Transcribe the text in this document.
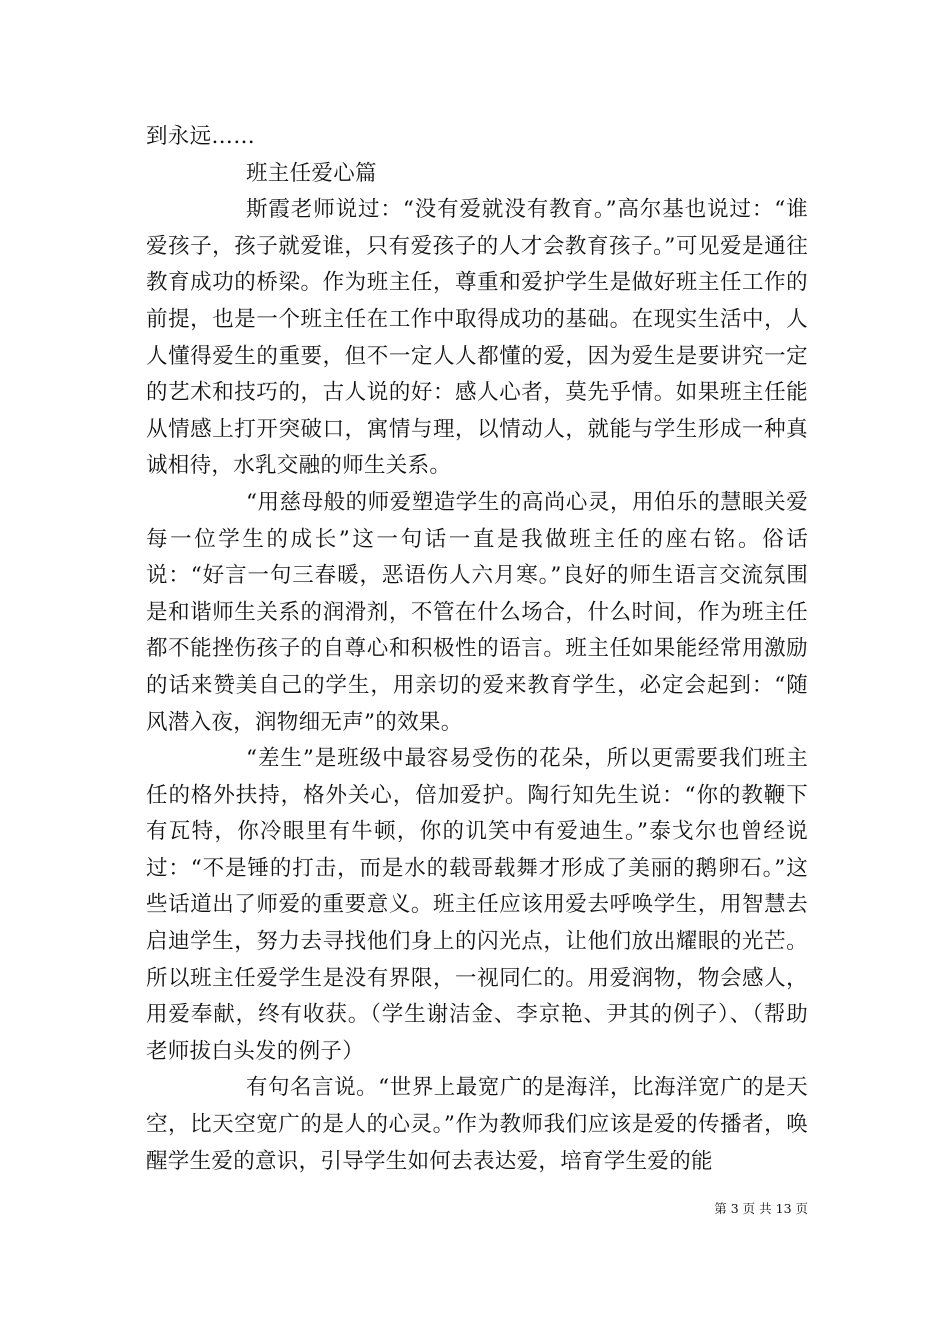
到永远……

班主任爱心篇

斯霞老师说过：“没有爱就没有教育。”高尔基也说过：“谁爱孩子，孩子就爱谁，只有爱孩子的人才会教育孩子。”可见爱是通往教育成功的桥梁。作为班主任，尊重和爱护学生是做好班主任工作的前提，也是一个班主任在工作中取得成功的基础。在现实生活中，人人懂得爱生的重要，但不一定人人都懂的爱，因为爱生是要讲究一定的艺术和技巧的，古人说的好：感人心者，莫先乎情。如果班主任能从情感上打开突破口，寓情与理，以情动人，就能与学生形成一种真诚相待，水乳交融的师生关系。

“用慈母般的师爱塑造学生的高尚心灵，用伯乐的慧眼关爱每一位学生的成长”这一句话一直是我做班主任的座右铭。俗话说：“好言一句三春暖，恶语伤人六月寒。”良好的师生语言交流氛围是和谐师生关系的润滑剂，不管在什么场合，什么时间，作为班主任都不能挫伤孩子的自尊心和积极性的语言。班主任如果能经常用激励的话来赞美自己的学生，用亲切的爱来教育学生，必定会起到：“随风潜入夜，润物细无声”的效果。

“差生”是班级中最容易受伤的花朵，所以更需要我们班主任的格外扶持，格外关心，倍加爱护。陶行知先生说：“你的教鞭下有瓦特，你冷眼里有牛顿，你的讥笑中有爱迪生。”泰戈尔也曾经说过：“不是锤的打击，而是水的载哥载舞才形成了美丽的鹅卵石。”这些话道出了师爱的重要意义。班主任应该用爱去呼唤学生，用智慧去启迪学生，努力去寻找他们身上的闪光点，让他们放出耀眼的光芒。所以班主任爱学生是没有界限，一视同仁的。用爱润物，物会感人，用爱奉献，终有收获。（学生谢洁金、李京艳、尹其的例子）、（帮助老师拔白头发的例子）

有句名言说。“世界上最宽广的是海洋，比海洋宽广的是天空，比天空宽广的是人的心灵。”作为教师我们应该是爱的传播者，唤醒学生爱的意识，引导学生如何去表达爱，培育学生爱的能

第 3 页 共 13 页
